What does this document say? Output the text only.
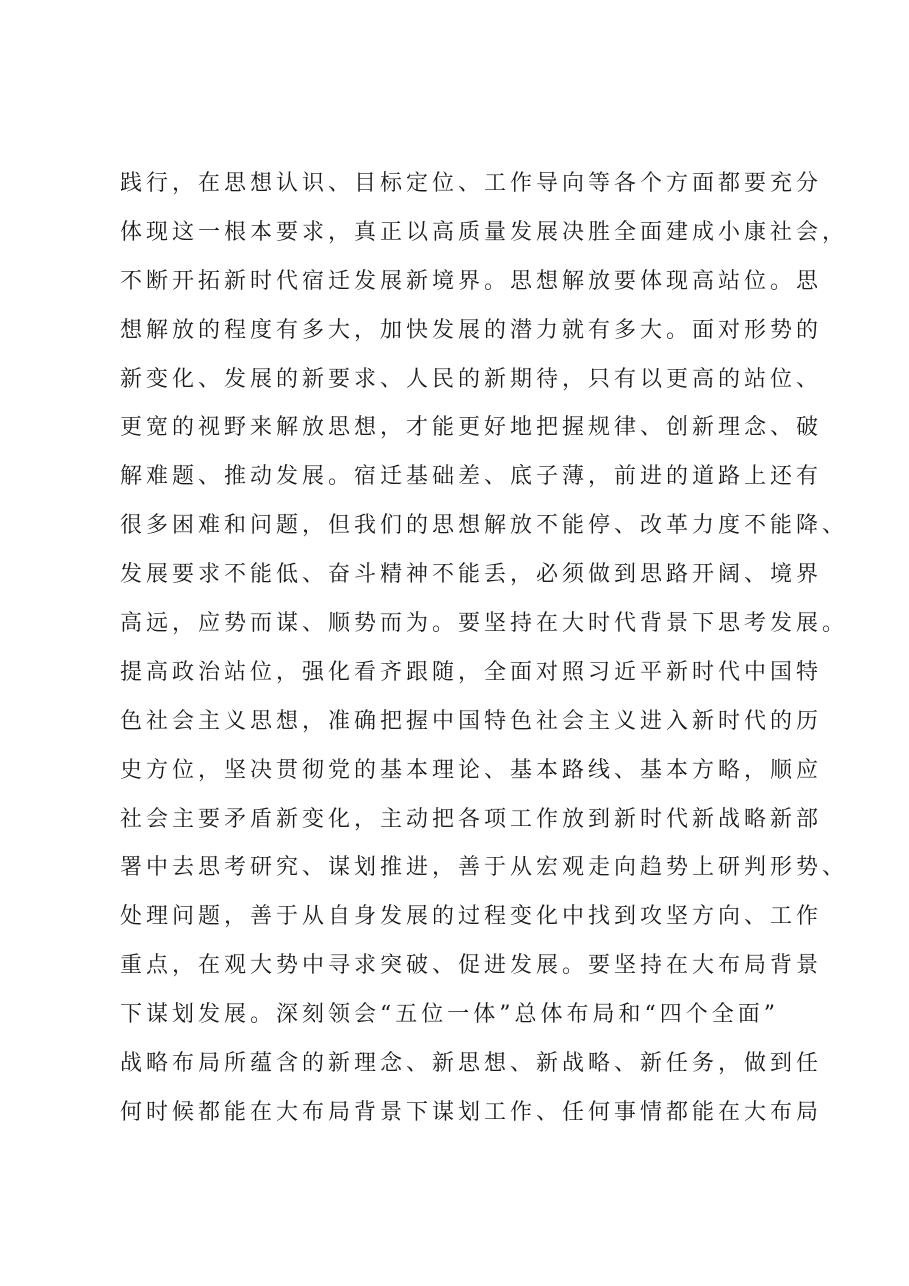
践行，在思想认识、目标定位、工作导向等各个方面都要充分
体现这一根本要求，真正以高质量发展决胜全面建成小康社会，
不断开拓新时代宿迁发展新境界。思想解放要体现高站位。思
想解放的程度有多大，加快发展的潜力就有多大。面对形势的
新变化、发展的新要求、人民的新期待，只有以更高的站位、
更宽的视野来解放思想，才能更好地把握规律、创新理念、破
解难题、推动发展。宿迁基础差、底子薄，前进的道路上还有
很多困难和问题，但我们的思想解放不能停、改革力度不能降、
发展要求不能低、奋斗精神不能丢，必须做到思路开阔、境界
高远，应势而谋、顺势而为。要坚持在大时代背景下思考发展。
提高政治站位，强化看齐跟随，全面对照习近平新时代中国特
色社会主义思想，准确把握中国特色社会主义进入新时代的历
史方位，坚决贯彻党的基本理论、基本路线、基本方略，顺应
社会主要矛盾新变化，主动把各项工作放到新时代新战略新部
署中去思考研究、谋划推进，善于从宏观走向趋势上研判形势、
处理问题，善于从自身发展的过程变化中找到攻坚方向、工作
重点，在观大势中寻求突破、促进发展。要坚持在大布局背景
下谋划发展。深刻领会“五位一体”总体布局和“四个全面”
战略布局所蕴含的新理念、新思想、新战略、新任务，做到任
何时候都能在大布局背景下谋划工作、任何事情都能在大布局
